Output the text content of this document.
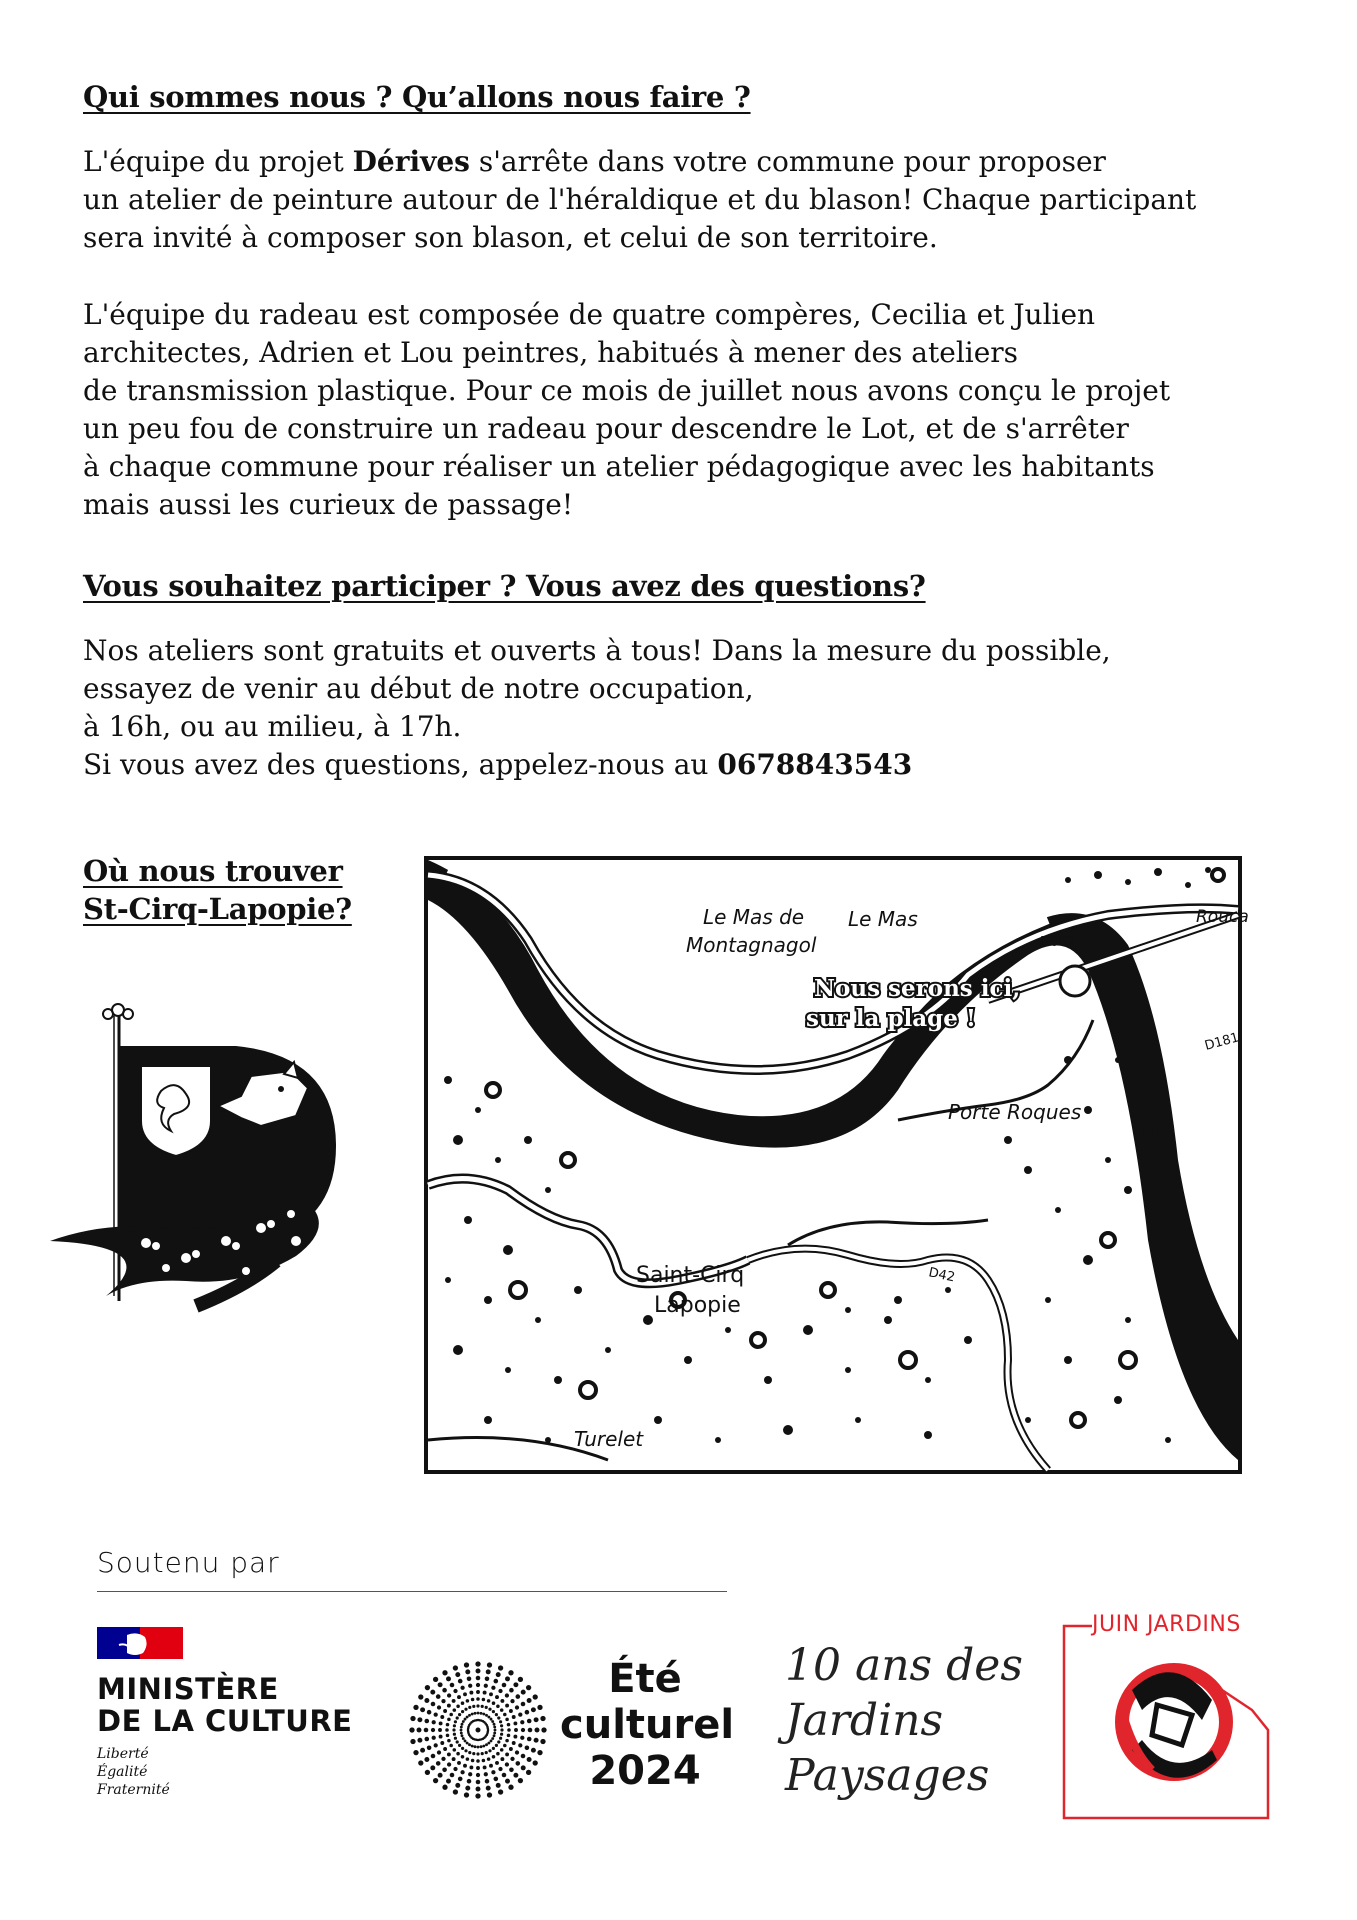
Qui sommes nous ? Qu’allons nous faire ?

L'équipe du projet Dérives s'arrête dans votre commune pour proposer
un atelier de peinture autour de l'héraldique et du blason! Chaque participant
sera invité à composer son blason, et celui de son territoire.

L'équipe du radeau est composée de quatre compères, Cecilia et Julien
architectes, Adrien et Lou peintres, habitués à mener des ateliers
de transmission plastique. Pour ce mois de juillet nous avons conçu le projet
un peu fou de construire un radeau pour descendre le Lot, et de s'arrêter
à chaque commune pour réaliser un atelier pédagogique avec les habitants
mais aussi les curieux de passage!

Vous souhaitez participer ? Vous avez des questions?

Nos ateliers sont gratuits et ouverts à tous! Dans la mesure du possible,
essayez de venir au début de notre occupation,
à 16h, ou au milieu, à 17h.
Si vous avez des questions, appelez-nous au 0678843543

Où nous trouver
St-Cirq-Lapopie?	Le Mas de
Montagnagol
Le Mas	Rouca
Porte Roques
Saint-Cirq
Lapopie
Turelet
D662
D181
D42
Nous serons ici,
sur la plage !
Soutenu par
MINISTÈRE
DE LA CULTURE
Liberté
Égalité
Fraternité
Été
culturel
2024
10 ans des
Jardins
Paysages
JUIN JARDINS
